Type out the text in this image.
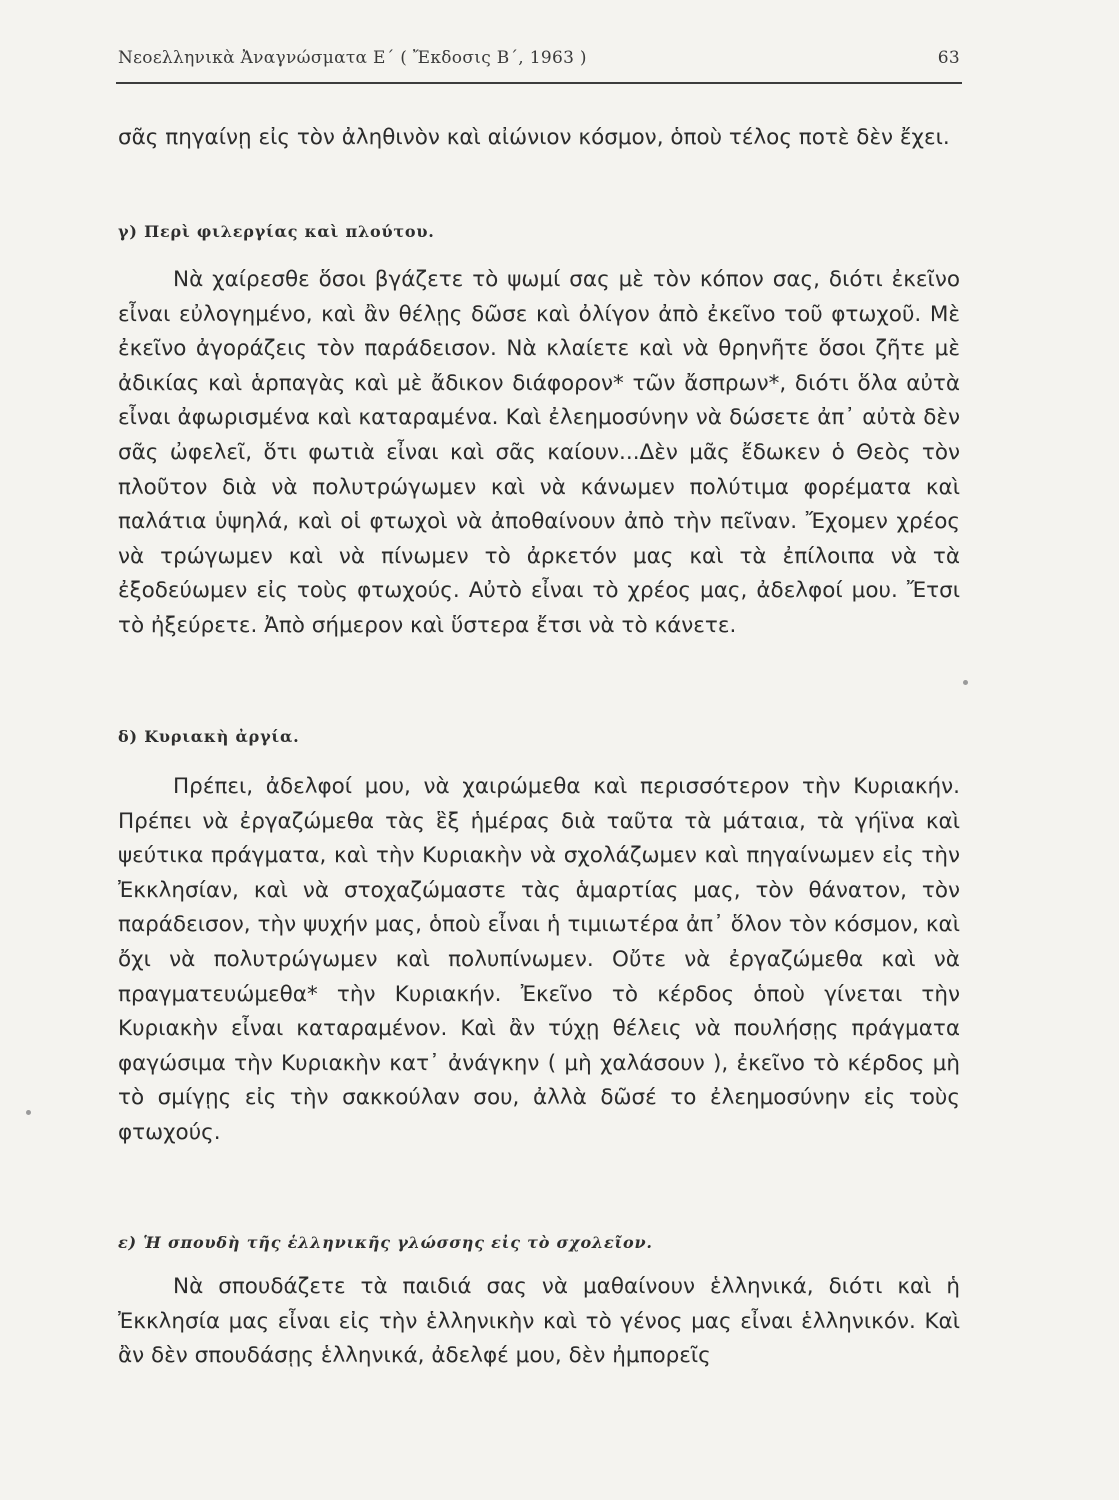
Νεοελληνικὰ Ἀναγνώσματα Ε´ ( Ἔκδοσις Β´, 1963 )	63

σᾶς πηγαίνῃ εἰς τὸν ἀληθινὸν καὶ αἰώνιον κόσμον, ὁποὺ τέλος ποτὲ δὲν ἔχει.

γ) Περὶ φιλεργίας καὶ πλούτου.

Νὰ χαίρεσθε ὅσοι βγάζετε τὸ ψωμί σας μὲ τὸν κόπον σας, διότι ἐκεῖνο εἶναι εὐλογημένο, καὶ ἂν θέλῃς δῶσε καὶ ὀλίγον ἀπὸ ἐκεῖνο τοῦ φτωχοῦ. Μὲ ἐκεῖνο ἀγοράζεις τὸν παράδεισον. Νὰ κλαίετε καὶ νὰ θρηνῆτε ὅσοι ζῆτε μὲ ἀδικίας καὶ ἁρπαγὰς καὶ μὲ ἄδικον διάφορον* τῶν ἄσπρων*, διότι ὅλα αὐτὰ εἶναι ἀφωρισμένα καὶ καταραμένα. Καὶ ἐλεημοσύνην νὰ δώσετε ἀπ᾽ αὐτὰ δὲν σᾶς ὠφελεῖ, ὅτι φωτιὰ εἶναι καὶ σᾶς καίουν...Δὲν μᾶς ἔδωκεν ὁ Θεὸς τὸν πλοῦτον διὰ νὰ πολυτρώγωμεν καὶ νὰ κάνωμεν πολύτιμα φορέματα καὶ παλάτια ὑψηλά, καὶ οἱ φτωχοὶ νὰ ἀποθαίνουν ἀπὸ τὴν πεῖναν. Ἔχομεν χρέος νὰ τρώγωμεν καὶ νὰ πίνωμεν τὸ ἀρκετόν μας καὶ τὰ ἐπίλοιπα νὰ τὰ ἐξοδεύωμεν εἰς τοὺς φτωχούς. Αὐτὸ εἶναι τὸ χρέος μας, ἀδελφοί μου. Ἔτσι τὸ ἠξεύρετε. Ἀπὸ σήμερον καὶ ὕστερα ἔτσι νὰ τὸ κάνετε.

δ) Κυριακὴ ἀργία.

Πρέπει, ἀδελφοί μου, νὰ χαιρώμεθα καὶ περισσότερον τὴν Κυριακήν. Πρέπει νὰ ἐργαζώμεθα τὰς ἓξ ἡμέρας διὰ ταῦτα τὰ μάταια, τὰ γήϊνα καὶ ψεύτικα πράγματα, καὶ τὴν Κυριακὴν νὰ σχολάζωμεν καὶ πηγαίνωμεν εἰς τὴν Ἐκκλησίαν, καὶ νὰ στοχαζώμαστε τὰς ἁμαρτίας μας, τὸν θάνατον, τὸν παράδεισον, τὴν ψυχήν μας, ὁποὺ εἶναι ἡ τιμιωτέρα ἀπ᾽ ὅλον τὸν κόσμον, καὶ ὄχι νὰ πολυτρώγωμεν καὶ πολυπίνωμεν. Οὔτε νὰ ἐργαζώμεθα καὶ νὰ πραγματευώμεθα* τὴν Κυριακήν. Ἐκεῖνο τὸ κέρδος ὁποὺ γίνεται τὴν Κυριακὴν εἶναι καταραμένον. Καὶ ἂν τύχῃ θέλεις νὰ πουλήσῃς πράγματα φαγώσιμα τὴν Κυριακὴν κατ᾽ ἀνάγκην ( μὴ χαλάσουν ), ἐκεῖνο τὸ κέρδος μὴ τὸ σμίγῃς εἰς τὴν σακκούλαν σου, ἀλλὰ δῶσέ το ἐλεημοσύνην εἰς τοὺς φτωχούς.

ε) Ἡ σπουδὴ τῆς ἑλληνικῆς γλώσσης εἰς τὸ σχολεῖον.

Νὰ σπουδάζετε τὰ παιδιά σας νὰ μαθαίνουν ἑλληνικά, διότι καὶ ἡ Ἐκκλησία μας εἶναι εἰς τὴν ἑλληνικὴν καὶ τὸ γένος μας εἶναι ἑλληνικόν. Καὶ ἂν δὲν σπουδάσῃς ἑλληνικά, ἀδελφέ μου, δὲν ἠμπορεῖς
